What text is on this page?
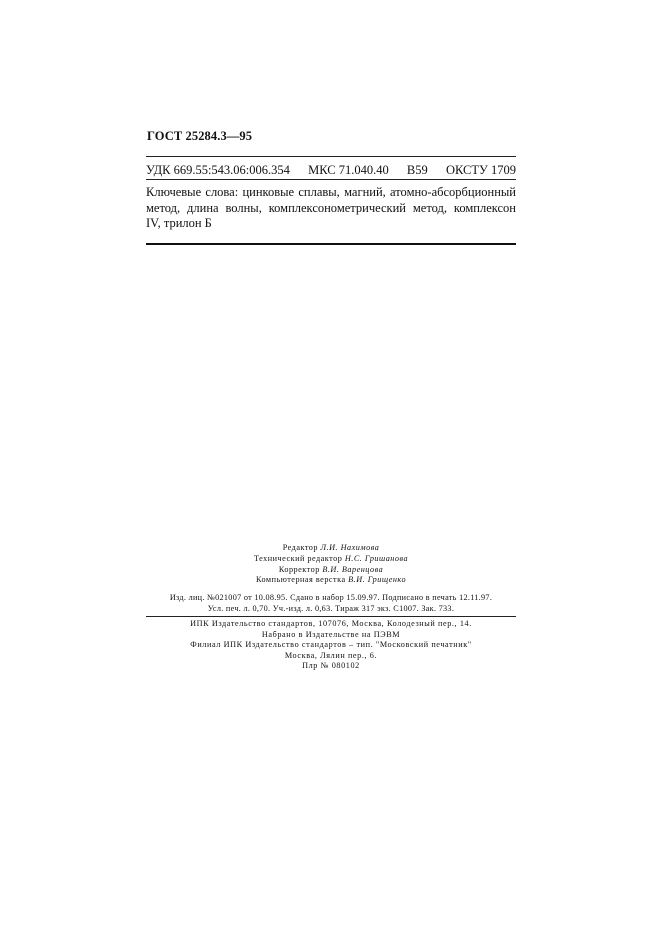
ГОСТ 25284.3—95
УДК 669.55:543.06:006.354 МКС 71.040.40 В59 ОКСТУ 1709
Ключевые слова: цинковые сплавы, магний, атомно-абсорбционный
метод, длина волны, комплексонометрический метод, комплексон
IV, трилон Б
Редактор Л.И. Нахимова
Технический редактор Н.С. Гришанова
Корректор В.И. Варенцова
Компьютерная верстка В.И. Грищенко
Изд. лиц. №021007 от 10.08.95. Сдано в набор 15.09.97. Подписано в печать 12.11.97.
Усл. печ. л. 0,70. Уч.-изд. л. 0,63. Тираж 317 экз. С1007. Зак. 733.
ИПК Издательство стандартов, 107076, Москва, Колодезный пер., 14.
Набрано в Издательстве на ПЭВМ
Филиал ИПК Издательство стандартов – тип. "Московский печатник"
Москва, Лялин пер., 6.
Плр № 080102
